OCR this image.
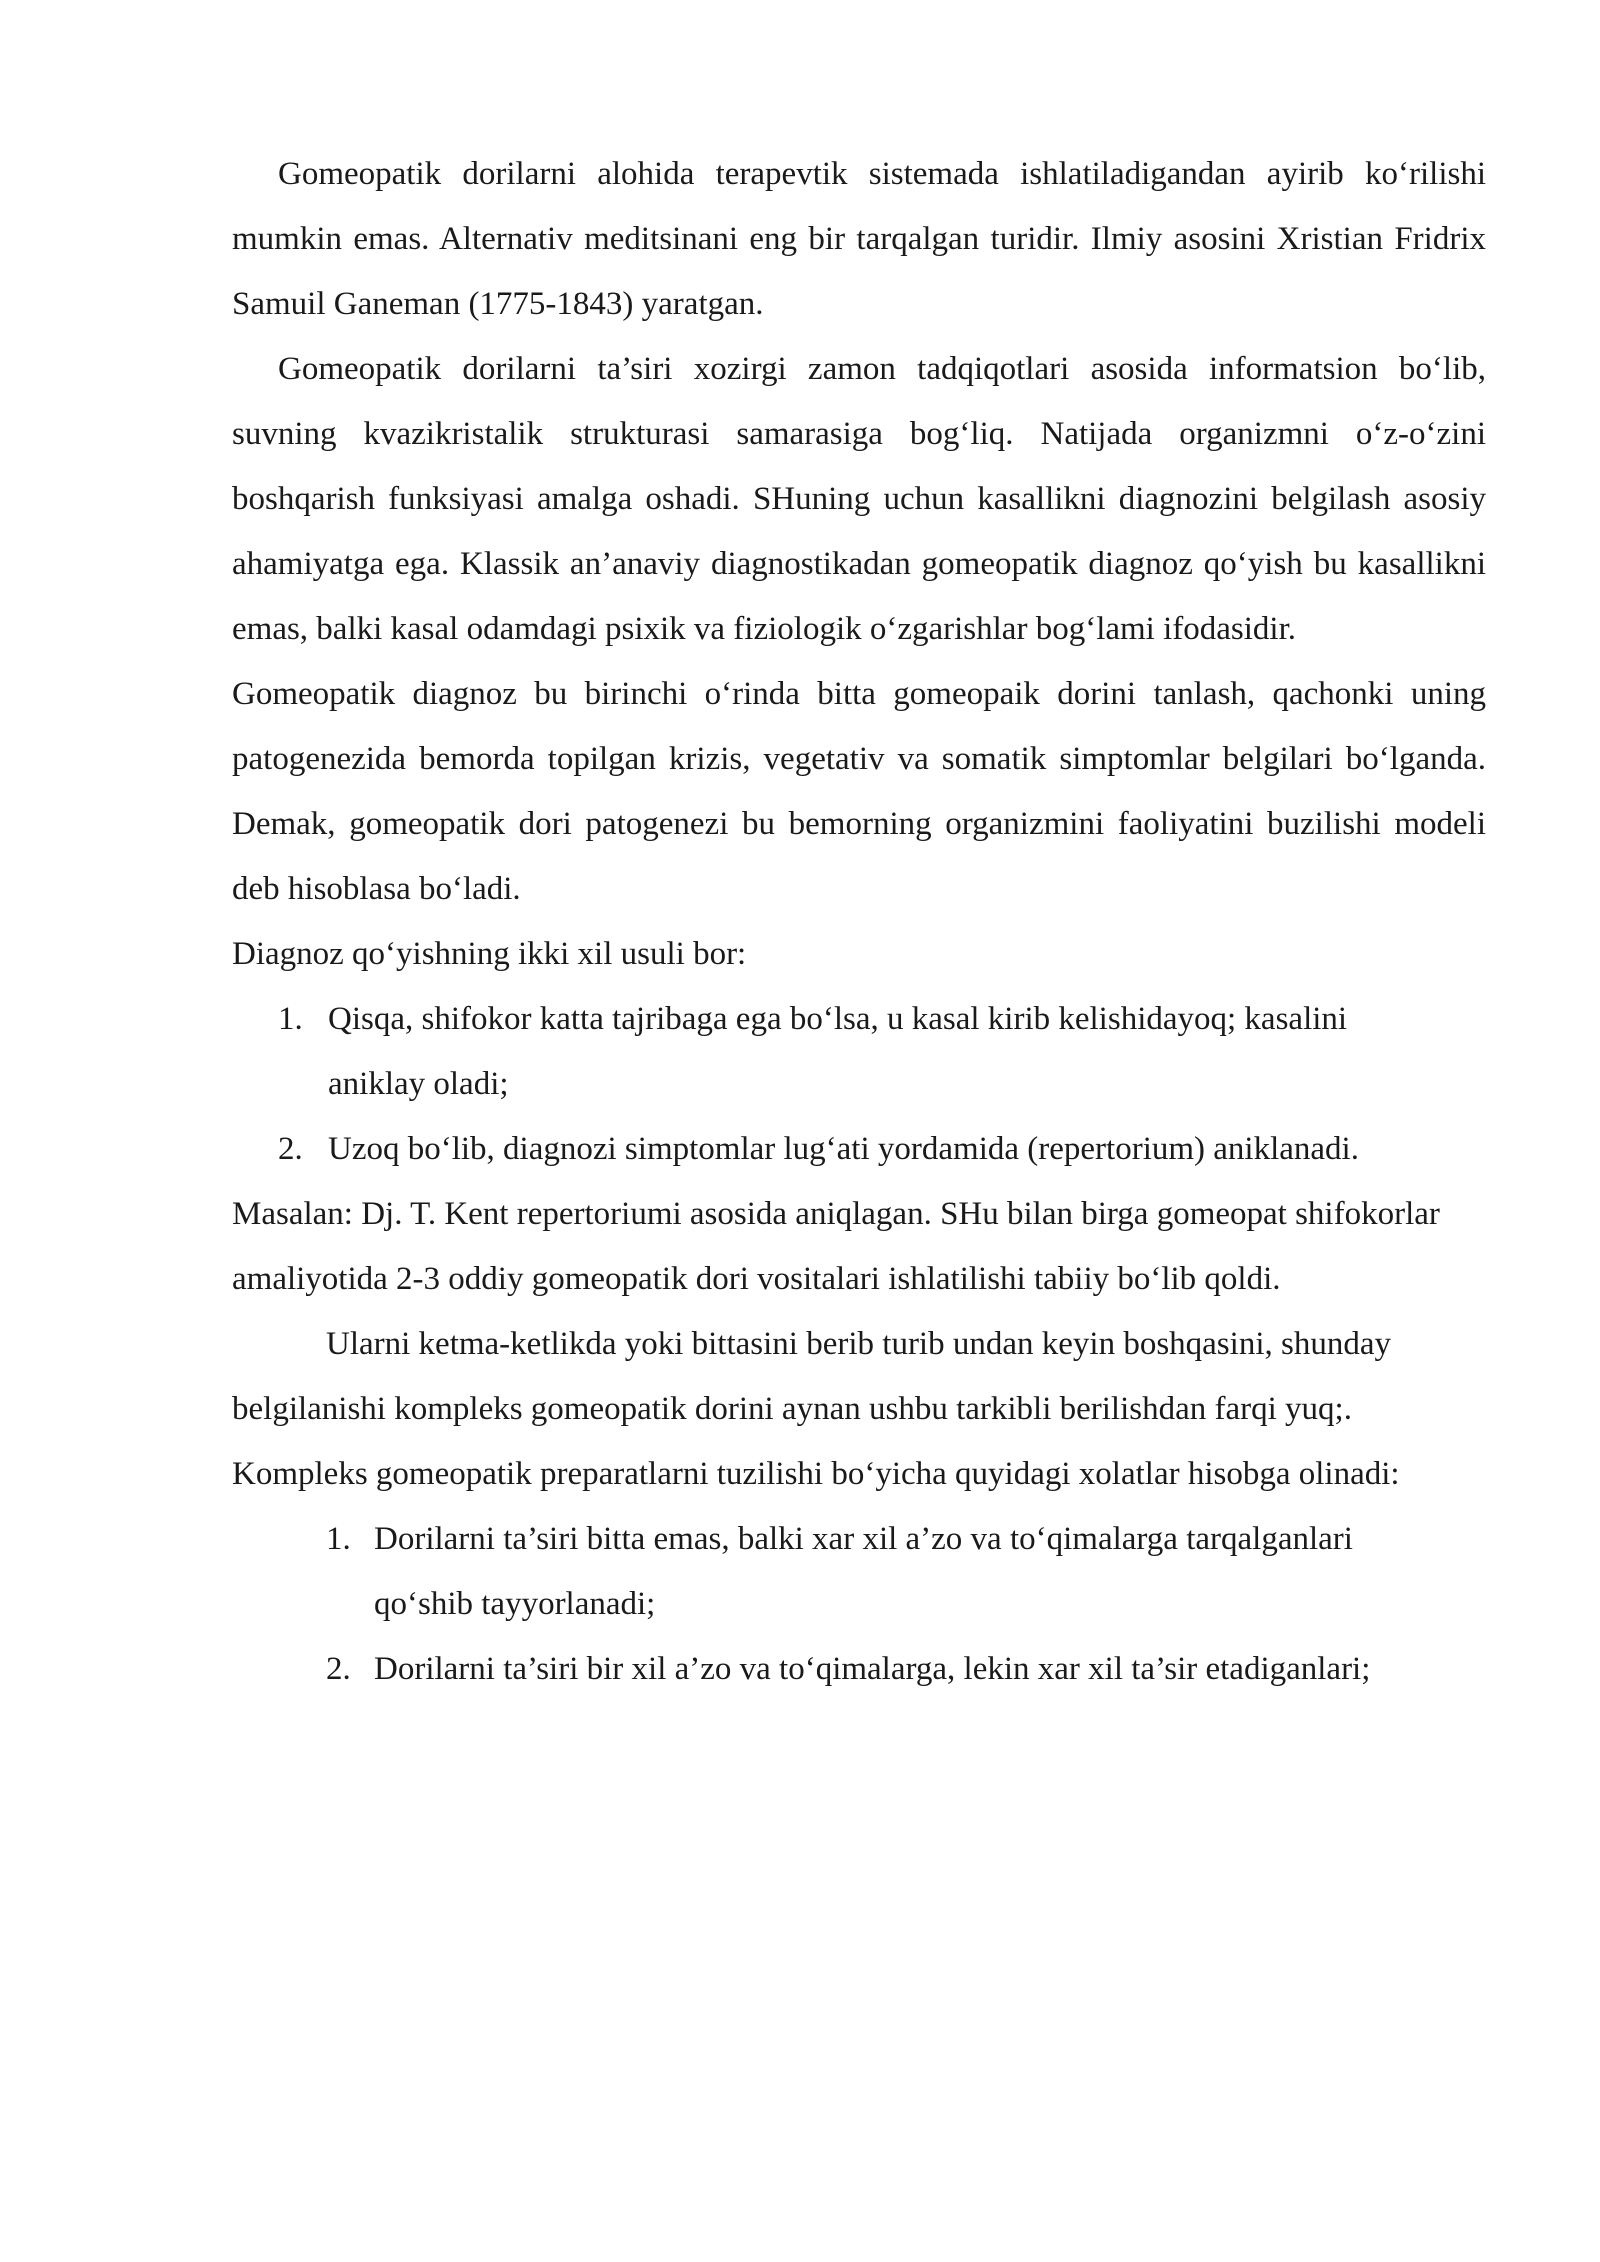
Gomeopatik dorilarni alohida terapevtik sistemada ishlatiladigandan ayirib ko‘rilishi mumkin emas. Alternativ meditsinani eng bir tarqalgan turidir. Ilmiy asosini Xristian Fridrix Samuil Ganeman (1775-1843) yaratgan.

Gomeopatik dorilarni ta’siri xozirgi zamon tadqiqotlari asosida informatsion bo‘lib, suvning kvazikristalik strukturasi samarasiga bog‘liq. Natijada organizmni o‘z-o‘zini boshqarish funksiyasi amalga oshadi. SHuning uchun kasallikni diagnozini belgilash asosiy ahamiyatga ega. Klassik an’anaviy diagnostikadan gomeopatik diagnoz qo‘yish bu kasallikni emas, balki kasal odamdagi psixik va fiziologik o‘zgarishlar bog‘lami ifodasidir.

Gomeopatik diagnoz bu birinchi o‘rinda bitta gomeopaik dorini tanlash, qachonki uning patogenezida bemorda topilgan krizis, vegetativ va somatik simptomlar belgilari bo‘lganda. Demak, gomeopatik dori patogenezi bu bemorning organizmini faoliyatini buzilishi modeli deb hisoblasa bo‘ladi.

Diagnoz qo‘yishning ikki xil usuli bor:

1. Qisqa, shifokor katta tajribaga ega bo‘lsa, u kasal kirib kelishidayoq; kasalini aniklay oladi;
2. Uzoq bo‘lib, diagnozi simptomlar lug‘ati yordamida (repertorium) aniklanadi.

Masalan: Dj. T. Kent repertoriumi asosida aniqlagan. SHu bilan birga gomeopat shifokorlar amaliyotida 2-3 oddiy gomeopatik dori vositalari ishlatilishi tabiiy bo‘lib qoldi.

Ularni ketma-ketlikda yoki bittasini berib turib undan keyin boshqasini, shunday belgilanishi kompleks gomeopatik dorini aynan ushbu tarkibli berilishdan farqi yuq;.

Kompleks gomeopatik preparatlarni tuzilishi bo‘yicha quyidagi xolatlar hisobga olinadi:

1. Dorilarni ta’siri bitta emas, balki xar xil a’zo va to‘qimalarga tarqalganlari qo‘shib tayyorlanadi;
2. Dorilarni ta’siri bir xil a’zo va to‘qimalarga, lekin xar xil ta’sir etadiganlari;
